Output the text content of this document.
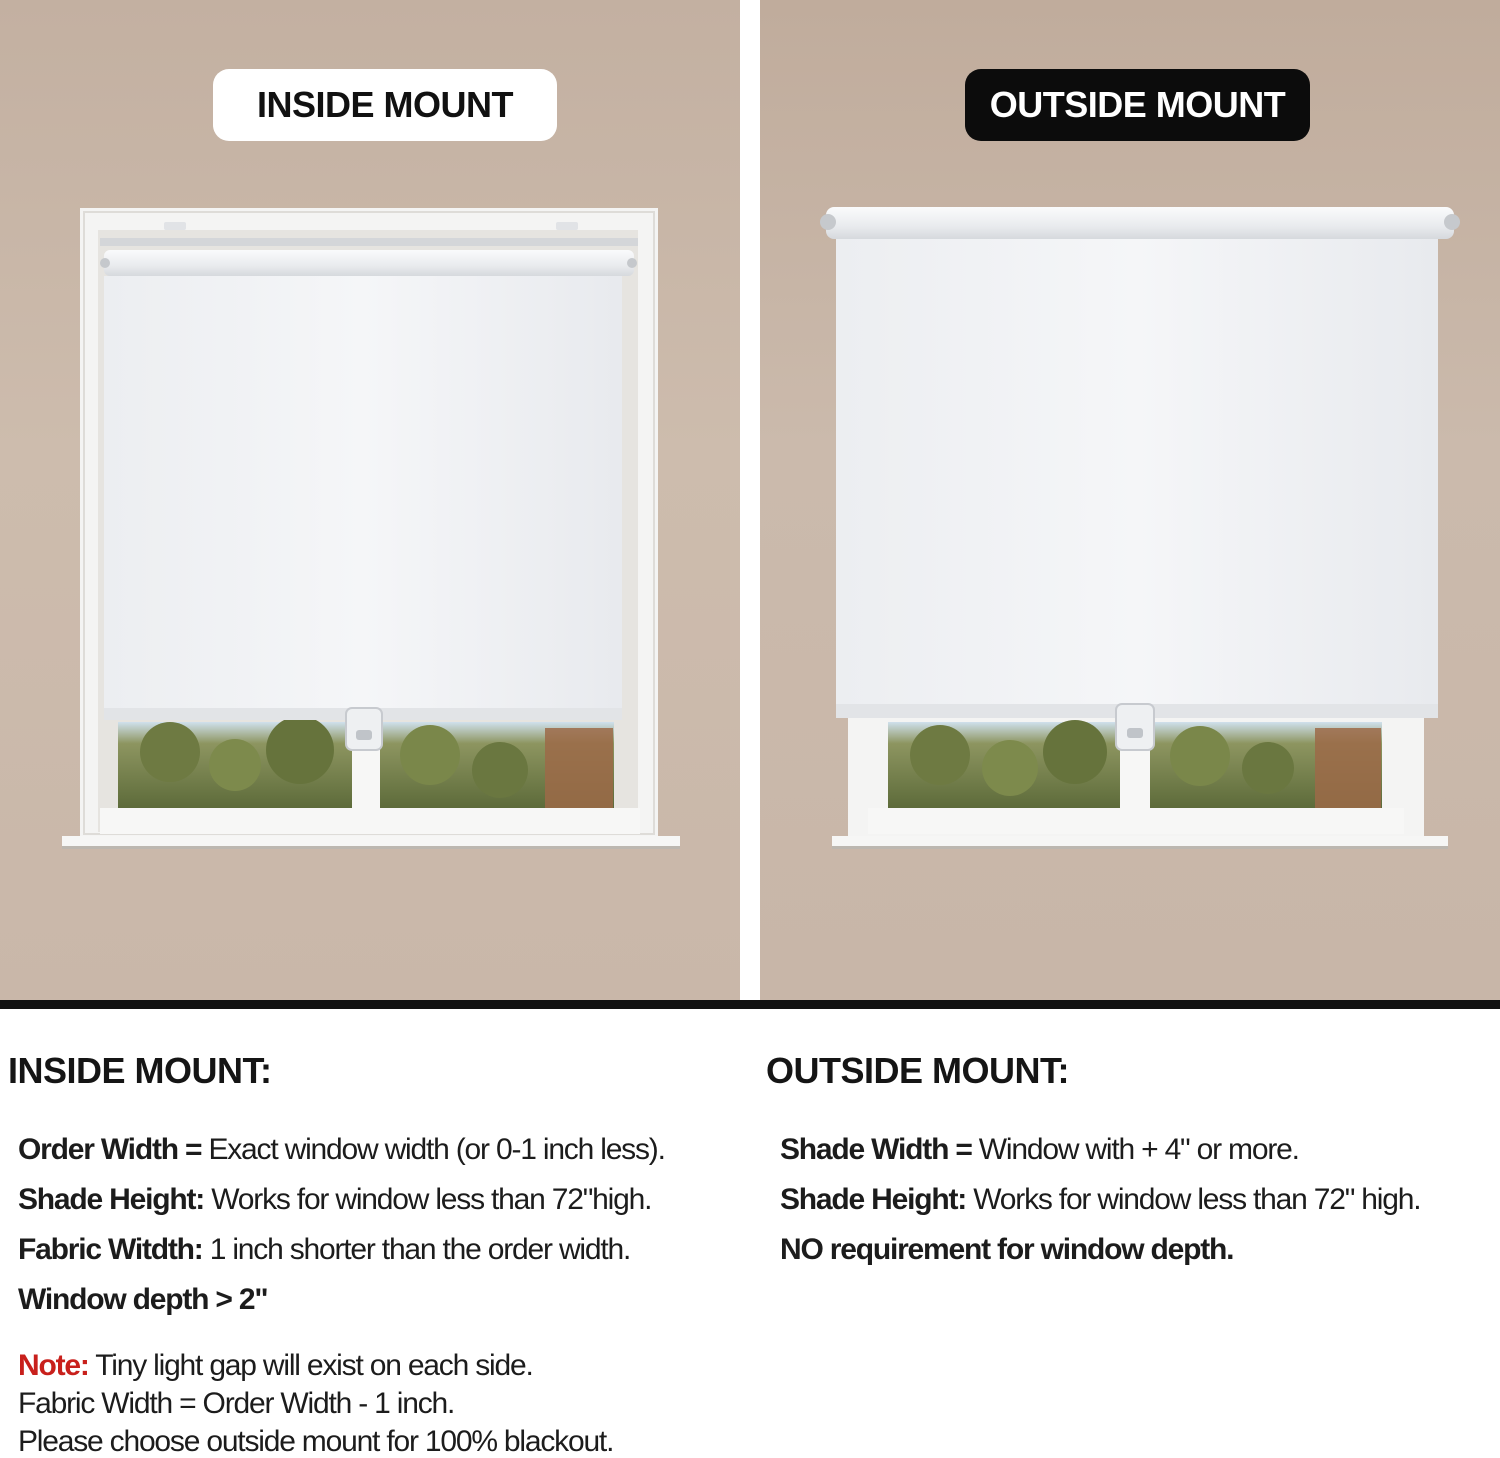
INSIDE MOUNT	OUTSIDE MOUNT
INSIDE MOUNT:	OUTSIDE MOUNT:
Order Width = Exact window width (or 0-1 inch less).
Shade Height: Works for window less than 72"high.
Fabric Witdth: 1 inch shorter than the order width.
Window depth > 2"
Note: Tiny light gap will exist on each side.
Fabric Width = Order Width - 1 inch.
Please choose outside mount for 100% blackout.
Shade Width = Window with + 4" or more.
Shade Height: Works for window less than 72" high.
NO requirement for window depth.
